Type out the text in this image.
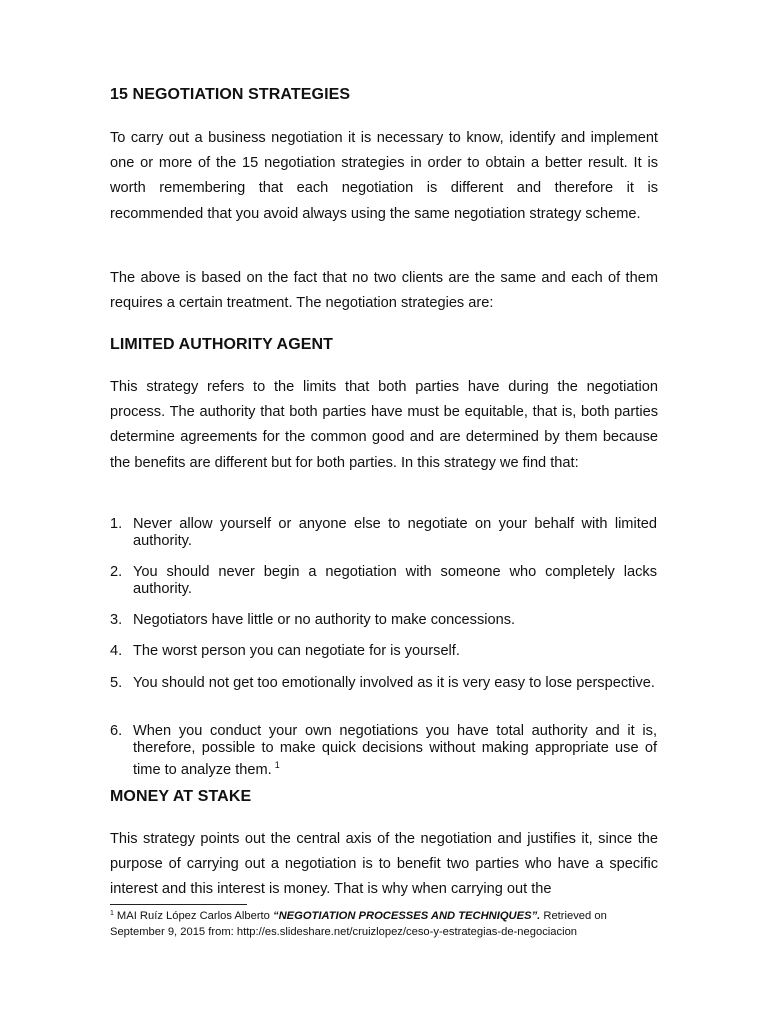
15 NEGOTIATION STRATEGIES

To carry out a business negotiation it is necessary to know, identify and implement one or more of the 15 negotiation strategies in order to obtain a better result. It is worth remembering that each negotiation is different and therefore it is recommended that you avoid always using the same negotiation strategy scheme.

The above is based on the fact that no two clients are the same and each of them requires a certain treatment. The negotiation strategies are:

LIMITED AUTHORITY AGENT

This strategy refers to the limits that both parties have during the negotiation process. The authority that both parties have must be equitable, that is, both parties determine agreements for the common good and are determined by them because the benefits are different but for both parties. In this strategy we find that:

1. Never allow yourself or anyone else to negotiate on your behalf with limited authority.
2. You should never begin a negotiation with someone who completely lacks authority.
3. Negotiators have little or no authority to make concessions.
4. The worst person you can negotiate for is yourself.
5. You should not get too emotionally involved as it is very easy to lose perspective.
6. When you conduct your own negotiations you have total authority and it is, therefore, possible to make quick decisions without making appropriate use of time to analyze them. $^1$
MONEY AT STAKE

This strategy points out the central axis of the negotiation and justifies it, since the purpose of carrying out a negotiation is to benefit two parties who have a specific interest and this interest is money. That is why when carrying out the

$^1$ MAI Ruíz López Carlos Alberto “NEGOTIATION PROCESSES AND TECHNIQUES”. Retrieved on September 9, 2015 from: http://es.slideshare.net/cruizlopez/ceso-y-estrategias-de-negociacion
